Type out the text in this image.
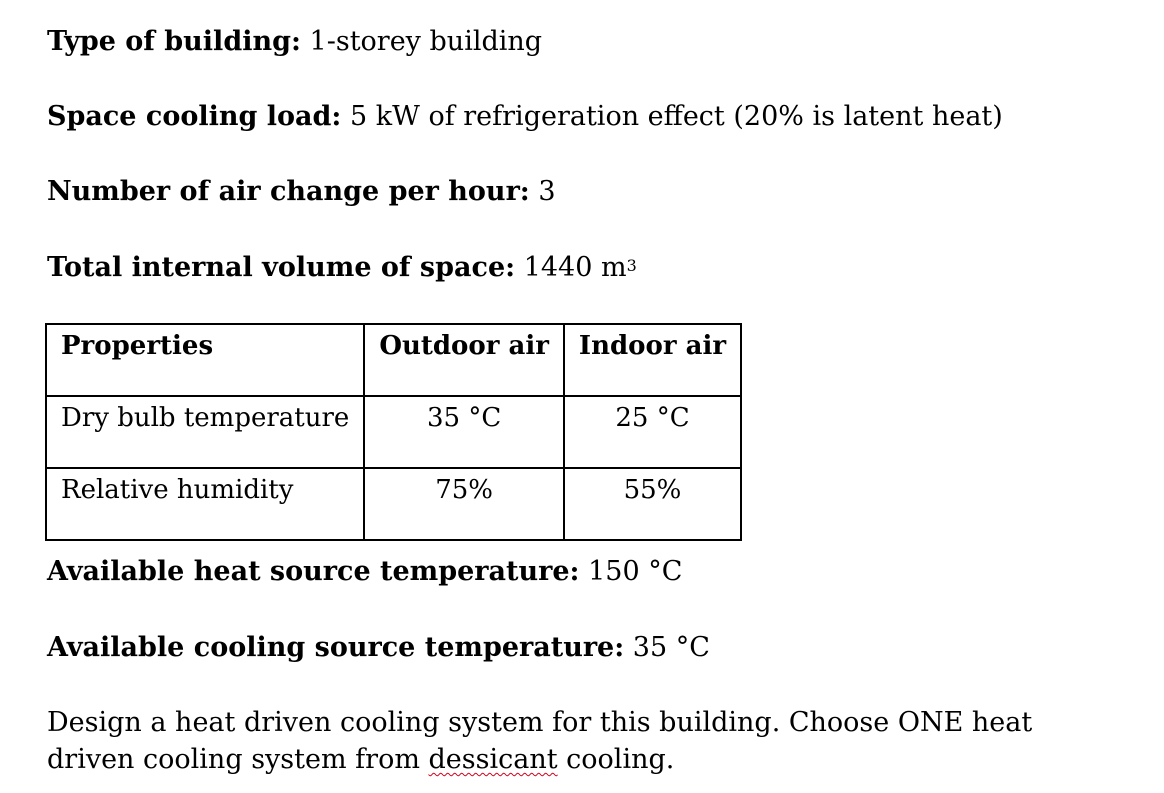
Type of building: 1-storey building
Space cooling load: 5 kW of refrigeration effect (20% is latent heat)
Number of air change per hour: 3
Total internal volume of space: 1440 $m^3$
Properties	Outdoor air	Indoor air
Dry bulb temperature	35 °C	25 °C
Relative humidity	75%	55%
Available heat source temperature: 150 °C
Available cooling source temperature: 35 °C
Design a heat driven cooling system for this building. Choose ONE heat driven cooling system from dessicant cooling.
